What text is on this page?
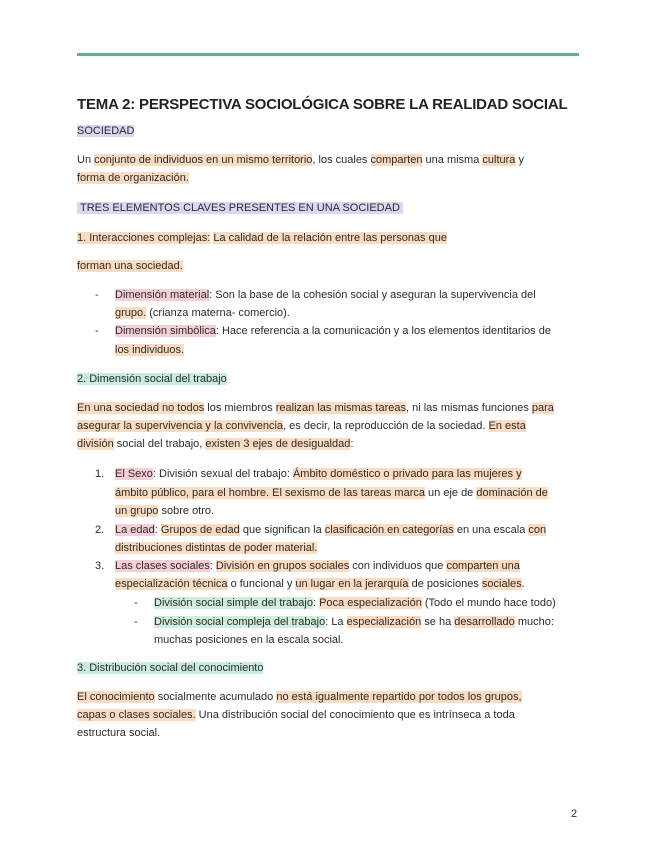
TEMA 2: PERSPECTIVA SOCIOLÓGICA SOBRE LA REALIDAD SOCIAL
SOCIEDAD
Un conjunto de individuos en un mismo territorio, los cuales comparten una misma cultura y
forma de organización.
TRES ELEMENTOS CLAVES PRESENTES EN UNA SOCIEDAD
1. Interacciones complejas: La calidad de la relación entre las personas que
forman una sociedad.
- Dimensión material: Son la base de la cohesión social y aseguran la supervivencia del
grupo. (crianza materna- comercio).
- Dimensión simbólica: Hace referencia a la comunicación y a los elementos identitarios de
los individuos.
2. Dimensión social del trabajo
En una sociedad no todos los miembros realizan las mismas tareas, ni las mismas funciones para
asegurar la supervivencia y la convivencia, es decir, la reproducción de la sociedad. En esta
división social del trabajo, existen 3 ejes de desigualdad:
1. El Sexo: División sexual del trabajo: Ámbito doméstico o privado para las mujeres y
ámbito público, para el hombre. El sexismo de las tareas marca un eje de dominación de
un grupo sobre otro.
2. La edad: Grupos de edad que significan la clasificación en categorías en una escala con
distribuciones distintas de poder material.
3. Las clases sociales: División en grupos sociales con individuos que comparten una
especialización técnica o funcional y un lugar en la jerarquía de posiciones sociales.
- División social simple del trabajo: Poca especialización (Todo el mundo hace todo)
- División social compleja del trabajo: La especialización se ha desarrollado mucho:
muchas posiciones en la escala social.
3. Distribución social del conocimiento
El conocimiento socialmente acumulado no está igualmente repartido por todos los grupos,
capas o clases sociales. Una distribución social del conocimiento que es intrínseca a toda
estructura social.
2
